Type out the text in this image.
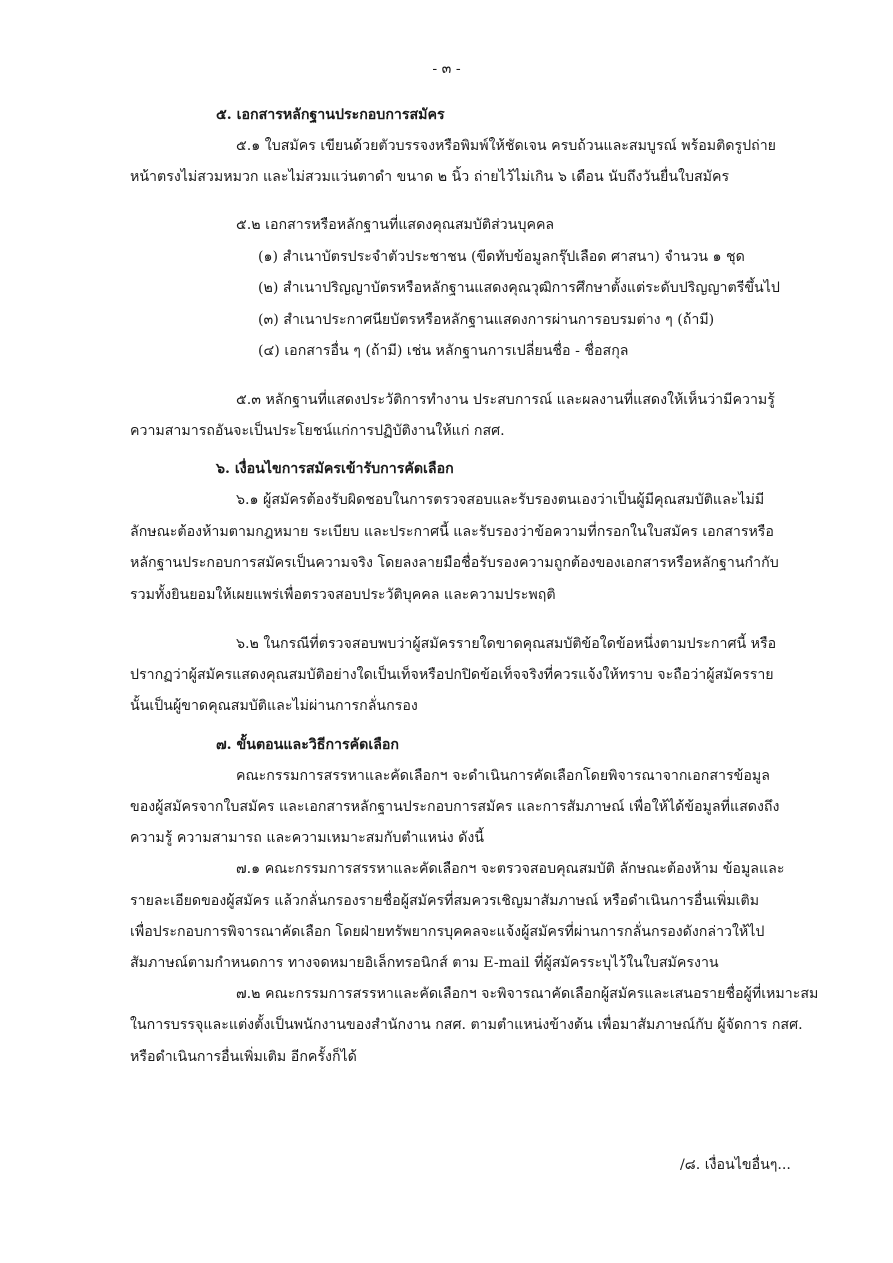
- ๓ -
๕. เอกสารหลักฐานประกอบการสมัคร
๕.๑ ใบสมัคร เขียนด้วยตัวบรรจงหรือพิมพ์ให้ชัดเจน ครบถ้วนและสมบูรณ์ พร้อมติดรูปถ่าย
หน้าตรงไม่สวมหมวก และไม่สวมแว่นตาดำ ขนาด ๒ นิ้ว ถ่ายไว้ไม่เกิน ๖ เดือน นับถึงวันยื่นใบสมัคร
๕.๒ เอกสารหรือหลักฐานที่แสดงคุณสมบัติส่วนบุคคล
(๑) สำเนาบัตรประจำตัวประชาชน (ขีดทับข้อมูลกรุ๊ปเลือด ศาสนา) จำนวน ๑ ชุด
(๒) สำเนาปริญญาบัตรหรือหลักฐานแสดงคุณวุฒิการศึกษาตั้งแต่ระดับปริญญาตรีขึ้นไป
(๓) สำเนาประกาศนียบัตรหรือหลักฐานแสดงการผ่านการอบรมต่าง ๆ (ถ้ามี)
(๔) เอกสารอื่น ๆ (ถ้ามี) เช่น หลักฐานการเปลี่ยนชื่อ - ชื่อสกุล
๕.๓ หลักฐานที่แสดงประวัติการทำงาน ประสบการณ์ และผลงานที่แสดงให้เห็นว่ามีความรู้
ความสามารถอันจะเป็นประโยชน์แก่การปฏิบัติงานให้แก่ กสศ.
๖. เงื่อนไขการสมัครเข้ารับการคัดเลือก
๖.๑ ผู้สมัครต้องรับผิดชอบในการตรวจสอบและรับรองตนเองว่าเป็นผู้มีคุณสมบัติและไม่มี
ลักษณะต้องห้ามตามกฎหมาย ระเบียบ และประกาศนี้ และรับรองว่าข้อความที่กรอกในใบสมัคร เอกสารหรือ
หลักฐานประกอบการสมัครเป็นความจริง โดยลงลายมือชื่อรับรองความถูกต้องของเอกสารหรือหลักฐานกำกับ
รวมทั้งยินยอมให้เผยแพร่เพื่อตรวจสอบประวัติบุคคล และความประพฤติ
๖.๒ ในกรณีที่ตรวจสอบพบว่าผู้สมัครรายใดขาดคุณสมบัติข้อใดข้อหนึ่งตามประกาศนี้ หรือ
ปรากฏว่าผู้สมัครแสดงคุณสมบัติอย่างใดเป็นเท็จหรือปกปิดข้อเท็จจริงที่ควรแจ้งให้ทราบ จะถือว่าผู้สมัครราย
นั้นเป็นผู้ขาดคุณสมบัติและไม่ผ่านการกลั่นกรอง
๗. ขั้นตอนและวิธีการคัดเลือก
คณะกรรมการสรรหาและคัดเลือกฯ จะดำเนินการคัดเลือกโดยพิจารณาจากเอกสารข้อมูล
ของผู้สมัครจากใบสมัคร และเอกสารหลักฐานประกอบการสมัคร และการสัมภาษณ์ เพื่อให้ได้ข้อมูลที่แสดงถึง
ความรู้ ความสามารถ และความเหมาะสมกับตำแหน่ง ดังนี้
๗.๑ คณะกรรมการสรรหาและคัดเลือกฯ จะตรวจสอบคุณสมบัติ ลักษณะต้องห้าม ข้อมูลและ
รายละเอียดของผู้สมัคร แล้วกลั่นกรองรายชื่อผู้สมัครที่สมควรเชิญมาสัมภาษณ์ หรือดำเนินการอื่นเพิ่มเติม
เพื่อประกอบการพิจารณาคัดเลือก โดยฝ่ายทรัพยากรบุคคลจะแจ้งผู้สมัครที่ผ่านการกลั่นกรองดังกล่าวให้ไป
สัมภาษณ์ตามกำหนดการ ทางจดหมายอิเล็กทรอนิกส์ ตาม E-mail ที่ผู้สมัครระบุไว้ในใบสมัครงาน
๗.๒ คณะกรรมการสรรหาและคัดเลือกฯ จะพิจารณาคัดเลือกผู้สมัครและเสนอรายชื่อผู้ที่เหมาะสม
ในการบรรจุและแต่งตั้งเป็นพนักงานของสำนักงาน กสศ. ตามตำแหน่งข้างต้น เพื่อมาสัมภาษณ์กับ ผู้จัดการ กสศ.
หรือดำเนินการอื่นเพิ่มเติม อีกครั้งก็ได้
/๘. เงื่อนไขอื่นๆ...
